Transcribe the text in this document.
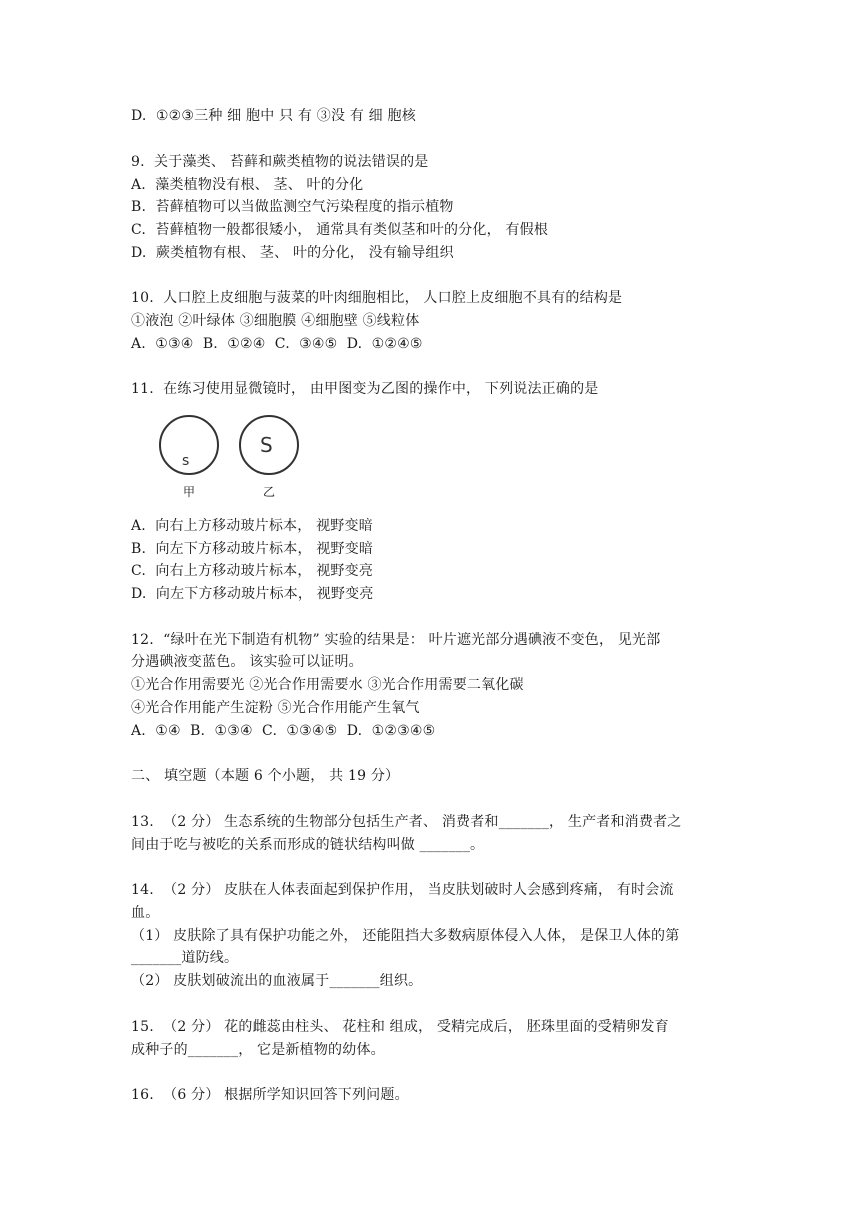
D.  ①②③三种 细 胞中 只 有 ③没 有 细 胞核
9.  关于藻类、 苔藓和蕨类植物的说法错误的是
A.  藻类植物没有根、 茎、 叶的分化
B.  苔藓植物可以当做监测空气污染程度的指示植物
C.  苔藓植物一般都很矮小， 通常具有类似茎和叶的分化， 有假根
D.  蕨类植物有根、 茎、 叶的分化， 没有输导组织
10.  人口腔上皮细胞与菠菜的叶肉细胞相比， 人口腔上皮细胞不具有的结构是
①液泡 ②叶绿体 ③细胞膜 ④细胞壁 ⑤线粒体
A.  ①③④  B.  ①②④  C.  ③④⑤  D.  ①②④⑤
11.  在练习使用显微镜时， 由甲图变为乙图的操作中， 下列说法正确的是
s
S
甲	乙
A.  向右上方移动玻片标本， 视野变暗
B.  向左下方移动玻片标本， 视野变暗
C.  向右上方移动玻片标本， 视野变亮
D.  向左下方移动玻片标本， 视野变亮
12.  “绿叶在光下制造有机物” 实验的结果是： 叶片遮光部分遇碘液不变色， 见光部
分遇碘液变蓝色。 该实验可以证明。
①光合作用需要光 ②光合作用需要水 ③光合作用需要二氧化碳
④光合作用能产生淀粉 ⑤光合作用能产生氧气
A.  ①④  B.  ①③④  C.  ①③④⑤  D.  ①②③④⑤
二、 填空题（本题 6 个小题， 共 19 分）
13.  （2 分） 生态系统的生物部分包括生产者、 消费者和_______， 生产者和消费者之
间由于吃与被吃的关系而形成的链状结构叫做 _______。
14.  （2 分） 皮肤在人体表面起到保护作用， 当皮肤划破时人会感到疼痛， 有时会流
血。
（1） 皮肤除了具有保护功能之外， 还能阻挡大多数病原体侵入人体， 是保卫人体的第
_______道防线。
（2） 皮肤划破流出的血液属于_______组织。
15.  （2 分） 花的雌蕊由柱头、 花柱和 组成， 受精完成后， 胚珠里面的受精卵发育
成种子的_______， 它是新植物的幼体。
16.  （6 分） 根据所学知识回答下列问题。
